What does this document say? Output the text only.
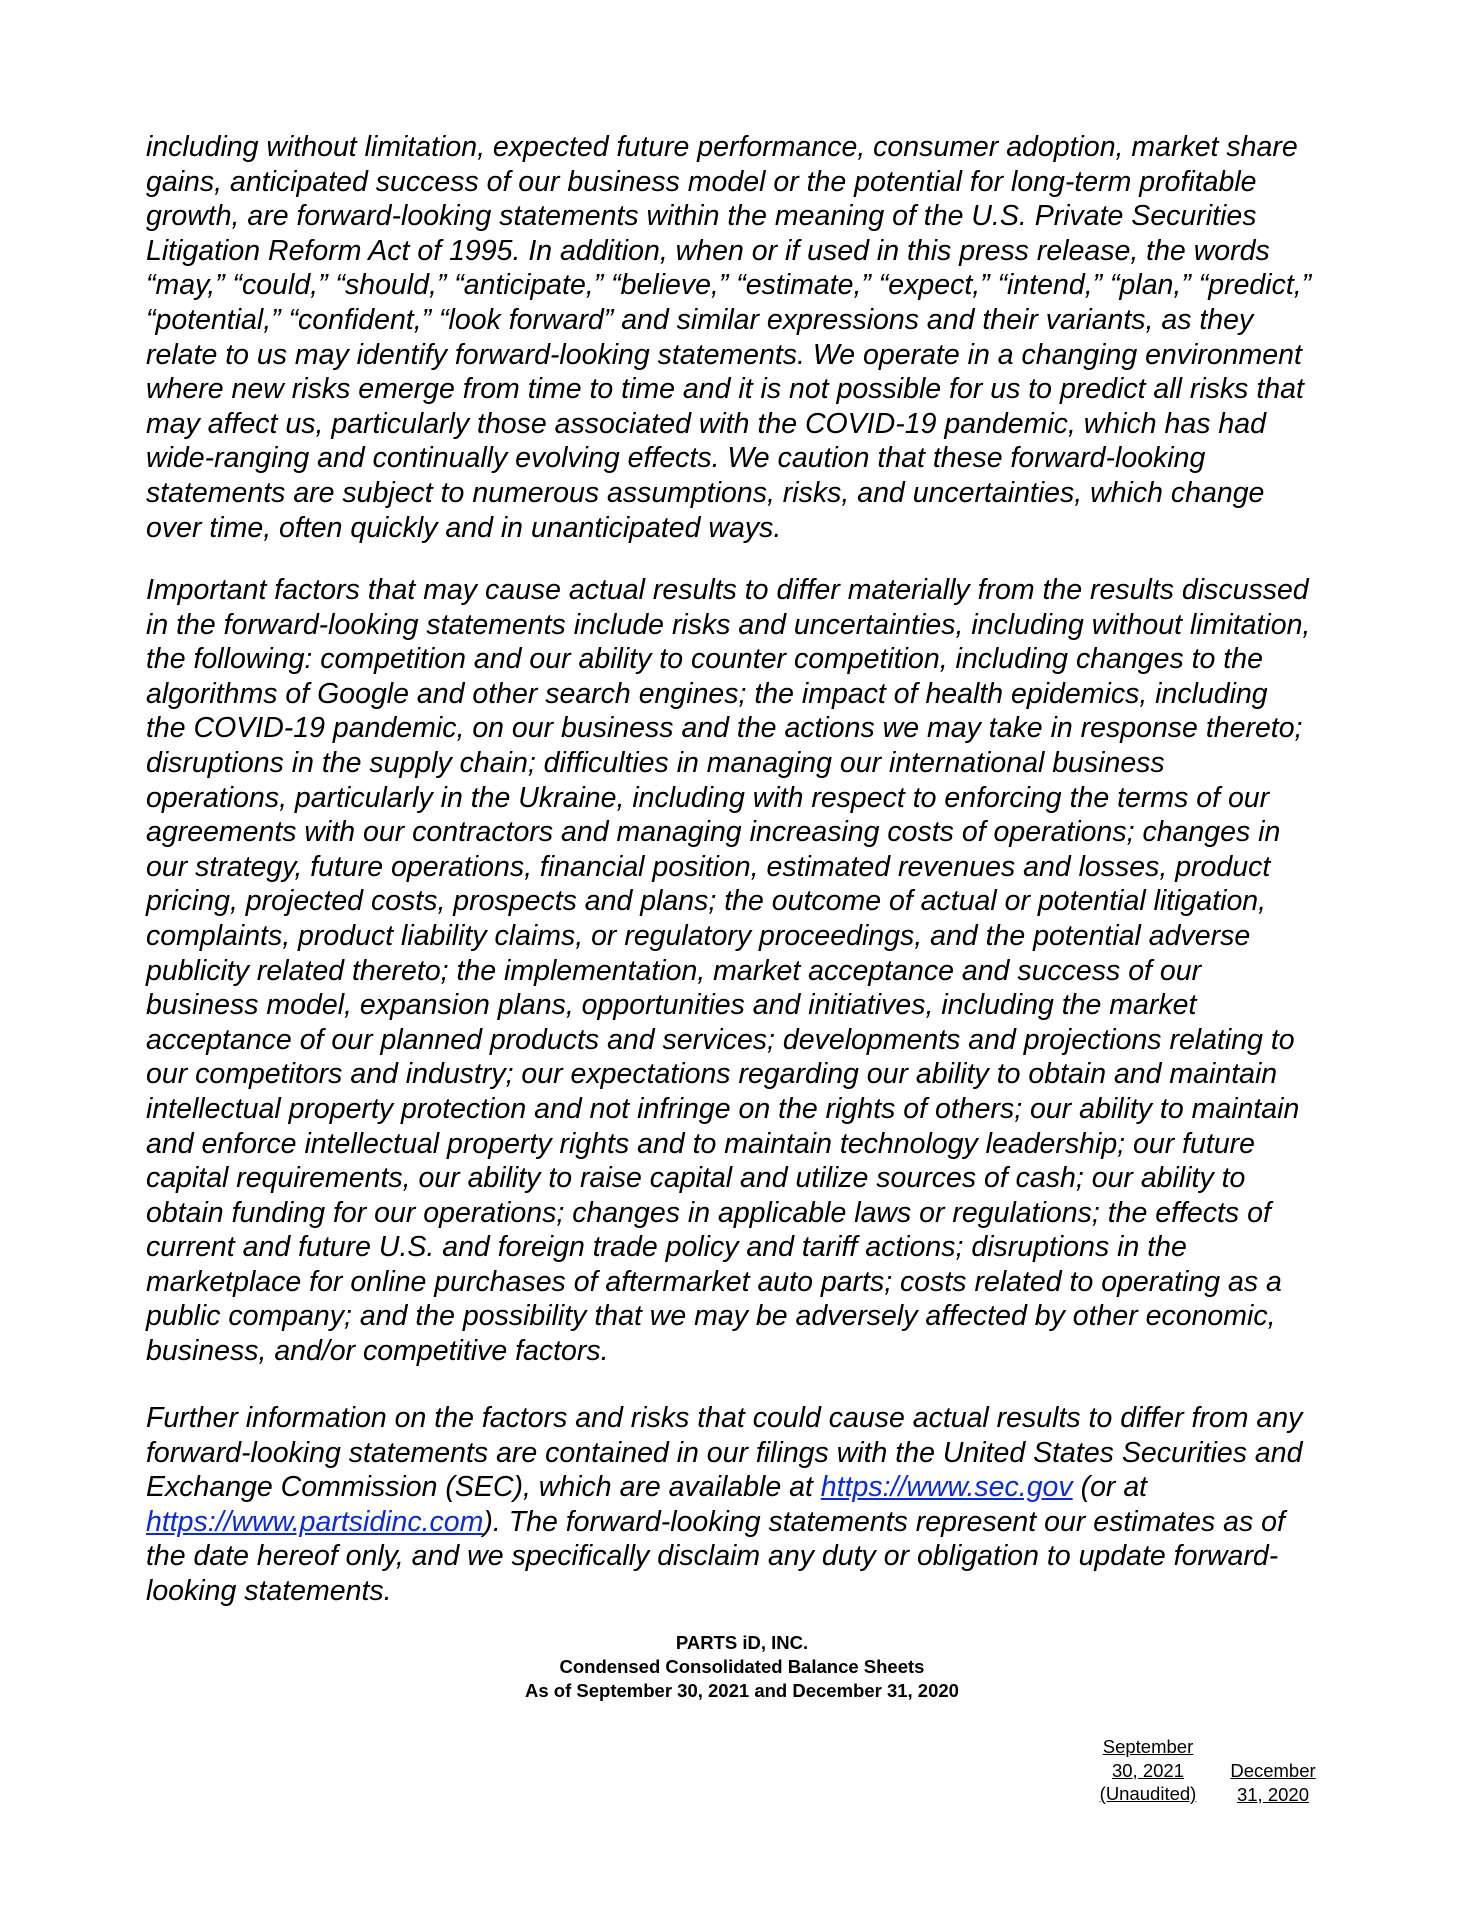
including without limitation, expected future performance, consumer adoption, market share
gains, anticipated success of our business model or the potential for long-term profitable
growth, are forward-looking statements within the meaning of the U.S. Private Securities
Litigation Reform Act of 1995. In addition, when or if used in this press release, the words
“may,” “could,” “should,” “anticipate,” “believe,” “estimate,” “expect,” “intend,” “plan,” “predict,”
“potential,” “confident,” “look forward” and similar expressions and their variants, as they
relate to us may identify forward-looking statements. We operate in a changing environment
where new risks emerge from time to time and it is not possible for us to predict all risks that
may affect us, particularly those associated with the COVID-19 pandemic, which has had
wide-ranging and continually evolving effects. We caution that these forward-looking
statements are subject to numerous assumptions, risks, and uncertainties, which change
over time, often quickly and in unanticipated ways.

Important factors that may cause actual results to differ materially from the results discussed
in the forward-looking statements include risks and uncertainties, including without limitation,
the following: competition and our ability to counter competition, including changes to the
algorithms of Google and other search engines; the impact of health epidemics, including
the COVID-19 pandemic, on our business and the actions we may take in response thereto;
disruptions in the supply chain; difficulties in managing our international business
operations, particularly in the Ukraine, including with respect to enforcing the terms of our
agreements with our contractors and managing increasing costs of operations; changes in
our strategy, future operations, financial position, estimated revenues and losses, product
pricing, projected costs, prospects and plans; the outcome of actual or potential litigation,
complaints, product liability claims, or regulatory proceedings, and the potential adverse
publicity related thereto; the implementation, market acceptance and success of our
business model, expansion plans, opportunities and initiatives, including the market
acceptance of our planned products and services; developments and projections relating to
our competitors and industry; our expectations regarding our ability to obtain and maintain
intellectual property protection and not infringe on the rights of others; our ability to maintain
and enforce intellectual property rights and to maintain technology leadership; our future
capital requirements, our ability to raise capital and utilize sources of cash; our ability to
obtain funding for our operations; changes in applicable laws or regulations; the effects of
current and future U.S. and foreign trade policy and tariff actions; disruptions in the
marketplace for online purchases of aftermarket auto parts; costs related to operating as a
public company; and the possibility that we may be adversely affected by other economic,
business, and/or competitive factors.

Further information on the factors and risks that could cause actual results to differ from any
forward-looking statements are contained in our filings with the United States Securities and
Exchange Commission (SEC), which are available at https://www.sec.gov (or at
https://www.partsidinc.com). The forward-looking statements represent our estimates as of
the date hereof only, and we specifically disclaim any duty or obligation to update forward-
looking statements.

PARTS iD, INC.
Condensed Consolidated Balance Sheets
As of September 30, 2021 and December 31, 2020
September
30, 2021
(Unaudited)
December
31, 2020
